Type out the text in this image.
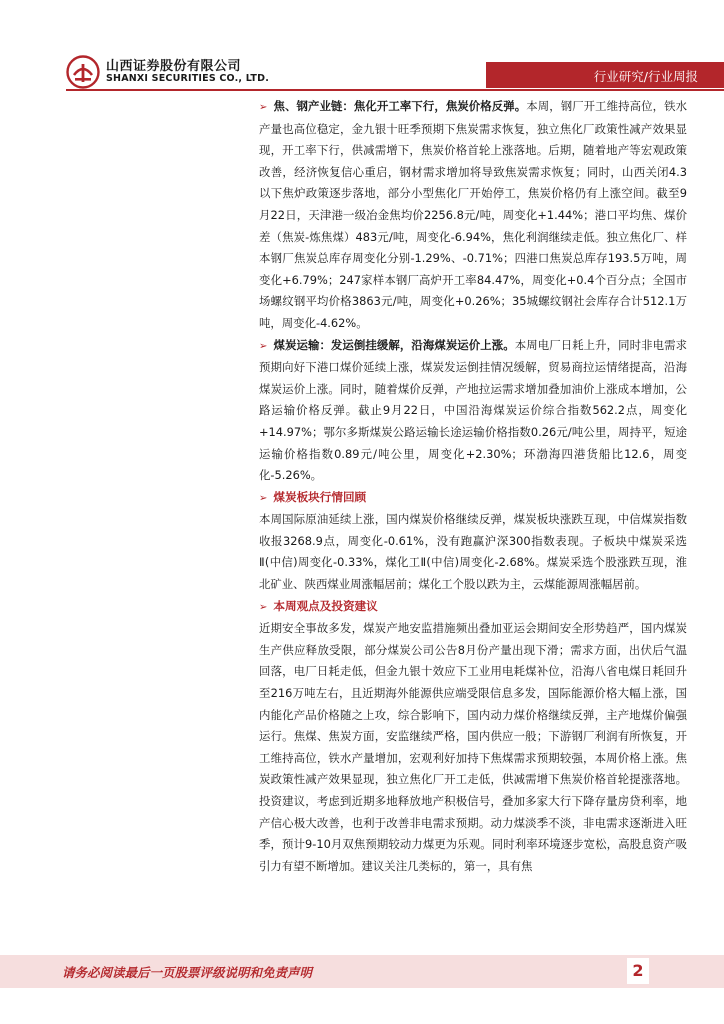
山西证券股份有限公司
SHANXI SECURITIES CO., LTD.	行业研究/行业周报

➢ 焦、钢产业链：焦化开工率下行，焦炭价格反弹。本周，钢厂开工维持高位，铁水产量也高位稳定，金九银十旺季预期下焦炭需求恢复，独立焦化厂政策性减产效果显现，开工率下行，供减需增下，焦炭价格首轮上涨落地。后期，随着地产等宏观政策改善，经济恢复信心重启，钢材需求增加将导致焦炭需求恢复；同时，山西关闭4.3以下焦炉政策逐步落地，部分小型焦化厂开始停工，焦炭价格仍有上涨空间。截至9月22日，天津港一级冶金焦均价2256.8元/吨，周变化+1.44%；港口平均焦、煤价差（焦炭-炼焦煤）483元/吨，周变化-6.94%，焦化利润继续走低。独立焦化厂、样本钢厂焦炭总库存周变化分别-1.29%、-0.71%；四港口焦炭总库存193.5万吨，周变化+6.79%；247家样本钢厂高炉开工率84.47%，周变化+0.4个百分点；全国市场螺纹钢平均价格3863元/吨，周变化+0.26%；35城螺纹钢社会库存合计512.1万吨，周变化-4.62%。

➢ 煤炭运输：发运倒挂缓解，沿海煤炭运价上涨。本周电厂日耗上升，同时非电需求预期向好下港口煤价延续上涨，煤炭发运倒挂情况缓解，贸易商拉运情绪提高，沿海煤炭运价上涨。同时，随着煤价反弹，产地拉运需求增加叠加油价上涨成本增加，公路运输价格反弹。截止9月22日，中国沿海煤炭运价综合指数562.2点，周变化+14.97%；鄂尔多斯煤炭公路运输长途运输价格指数0.26元/吨公里，周持平，短途运输价格指数0.89元/吨公里，周变化+2.30%；环渤海四港货船比12.6，周变化-5.26%。

➢ 煤炭板块行情回顾

本周国际原油延续上涨，国内煤炭价格继续反弹，煤炭板块涨跌互现，中信煤炭指数收报3268.9点，周变化-0.61%，没有跑赢沪深300指数表现。子板块中煤炭采选Ⅱ(中信)周变化-0.33%，煤化工Ⅱ(中信)周变化-2.68%。煤炭采选个股涨跌互现，淮北矿业、陕西煤业周涨幅居前；煤化工个股以跌为主，云煤能源周涨幅居前。

➢ 本周观点及投资建议

近期安全事故多发，煤炭产地安监措施频出叠加亚运会期间安全形势趋严，国内煤炭生产供应释放受限，部分煤炭公司公告8月份产量出现下滑；需求方面，出伏后气温回落，电厂日耗走低，但金九银十效应下工业用电耗煤补位，沿海八省电煤日耗回升至216万吨左右，且近期海外能源供应端受限信息多发，国际能源价格大幅上涨，国内能化产品价格随之上攻，综合影响下，国内动力煤价格继续反弹，主产地煤价偏强运行。焦煤、焦炭方面，安监继续严格，国内供应一般；下游钢厂利润有所恢复，开工维持高位，铁水产量增加，宏观利好加持下焦煤需求预期较强，本周价格上涨。焦炭政策性减产效果显现，独立焦化厂开工走低，供减需增下焦炭价格首轮提涨落地。投资建议，考虑到近期多地释放地产积极信号，叠加多家大行下降存量房贷利率，地产信心极大改善，也利于改善非电需求预期。动力煤淡季不淡，非电需求逐渐进入旺季，预计9-10月双焦预期较动力煤更为乐观。同时利率环境逐步宽松，高股息资产吸引力有望不断增加。建议关注几类标的，第一，具有焦

请务必阅读最后一页股票评级说明和免责声明	2
